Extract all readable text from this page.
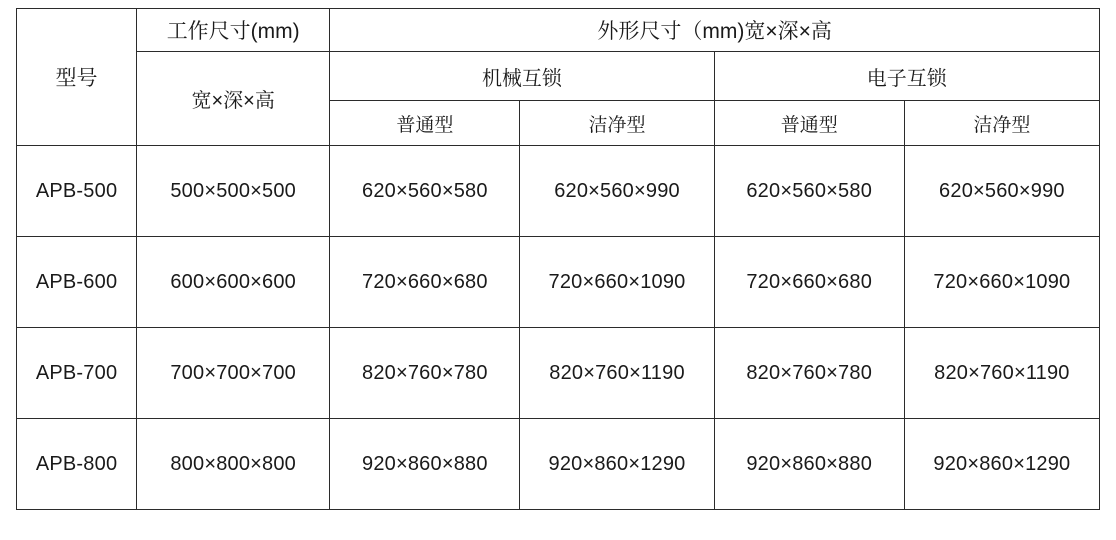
型号	工作尺寸(mm)	外形尺寸（mm)宽×深×高			
	宽×深×高	机械互锁		电子互锁	
		普通型	洁净型	普通型	洁净型
APB-500	500×500×500	620×560×580	620×560×990	620×560×580	620×560×990
APB-600	600×600×600	720×660×680	720×660×1090	720×660×680	720×660×1090
APB-700	700×700×700	820×760×780	820×760×1190	820×760×780	820×760×1190
APB-800	800×800×800	920×860×880	920×860×1290	920×860×880	920×860×1290
